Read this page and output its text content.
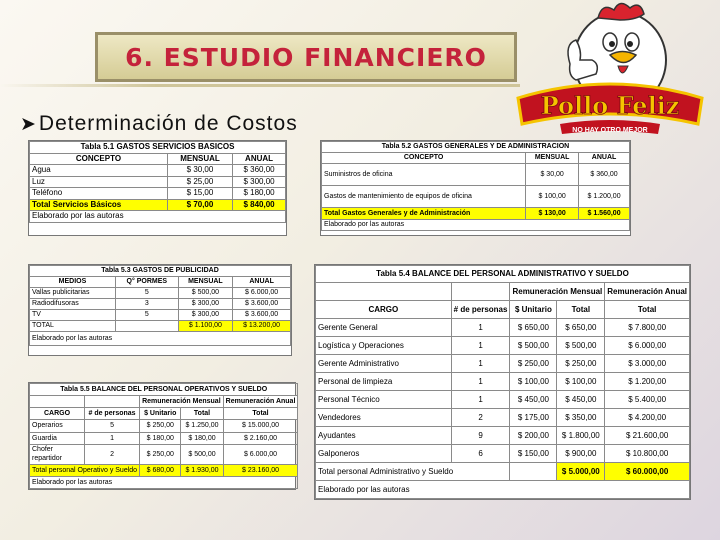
6. ESTUDIO FINANCIERO
➤Determinación de Costos
Pollo Feliz
NO HAY OTRO MEJOR
Tabla 5.1 GASTOS SERVICIOS BASICOS		
CONCEPTO	MENSUAL	ANUAL
Agua	$ 30,00	$ 360,00
Luz	$ 25,00	$ 300,00
Teléfono	$ 15,00	$ 180,00
Total Servicios Básicos	$ 70,00	$ 840,00
Elaborado por las autoras		
Tabla 5.2 GASTOS GENERALES Y DE ADMINISTRACION		
CONCEPTO	MENSUAL	ANUAL
Suministros de oficina	$ 30,00	$ 360,00
Gastos de mantenimiento de equipos de oficina	$ 100,00	$ 1.200,00
Total Gastos Generales y de Administración	$ 130,00	$ 1.560,00
Elaborado por las autoras		
Tabla 5.3 GASTOS DE PUBLICIDAD			
MEDIOS	Q° PORMES	MENSUAL	ANUAL
Vallas publicitarias	5	$ 500,00	$ 6.000,00
Radiodifusoras	3	$ 300,00	$ 3.600,00
TV	5	$ 300,00	$ 3.600,00
TOTAL		$ 1.100,00	$ 13.200,00
Elaborado por las autoras			
Tabla 5.4 BALANCE DEL PERSONAL ADMINISTRATIVO Y SUELDO				
		Remuneración Mensual		Remuneración Anual
CARGO	# de personas	$ Unitario	Total	Total
Gerente General	1	$ 650,00	$ 650,00	$ 7.800,00
Logística y Operaciones	1	$ 500,00	$ 500,00	$ 6.000,00
Gerente Administrativo	1	$ 250,00	$ 250,00	$ 3.000,00
Personal de limpieza	1	$ 100,00	$ 100,00	$ 1.200,00
Personal Técnico	1	$ 450,00	$ 450,00	$ 5.400,00
Vendedores	2	$ 175,00	$ 350,00	$ 4.200,00
Ayudantes	9	$ 200,00	$ 1.800,00	$ 21.600,00
Galponeros	6	$ 150,00	$ 900,00	$ 10.800,00
Total personal Administrativo y Sueldo			$ 5.000,00	$ 60.000,00
Elaborado por las autoras				
Tabla 5.5 BALANCE DEL PERSONAL OPERATIVOS Y SUELDO				
		Remuneración Mensual		Remuneración Anual
CARGO	# de personas	$ Unitario	Total	Total
Operarios	5	$ 250,00	$ 1.250,00	$ 15.000,00
Guardia	1	$ 180,00	$ 180,00	$ 2.160,00
Chofer repartidor	2	$ 250,00	$ 500,00	$ 6.000,00
Total personal Operativo y Sueldo		$ 680,00	$ 1.930,00	$ 23.160,00
Elaborado por las autoras				
